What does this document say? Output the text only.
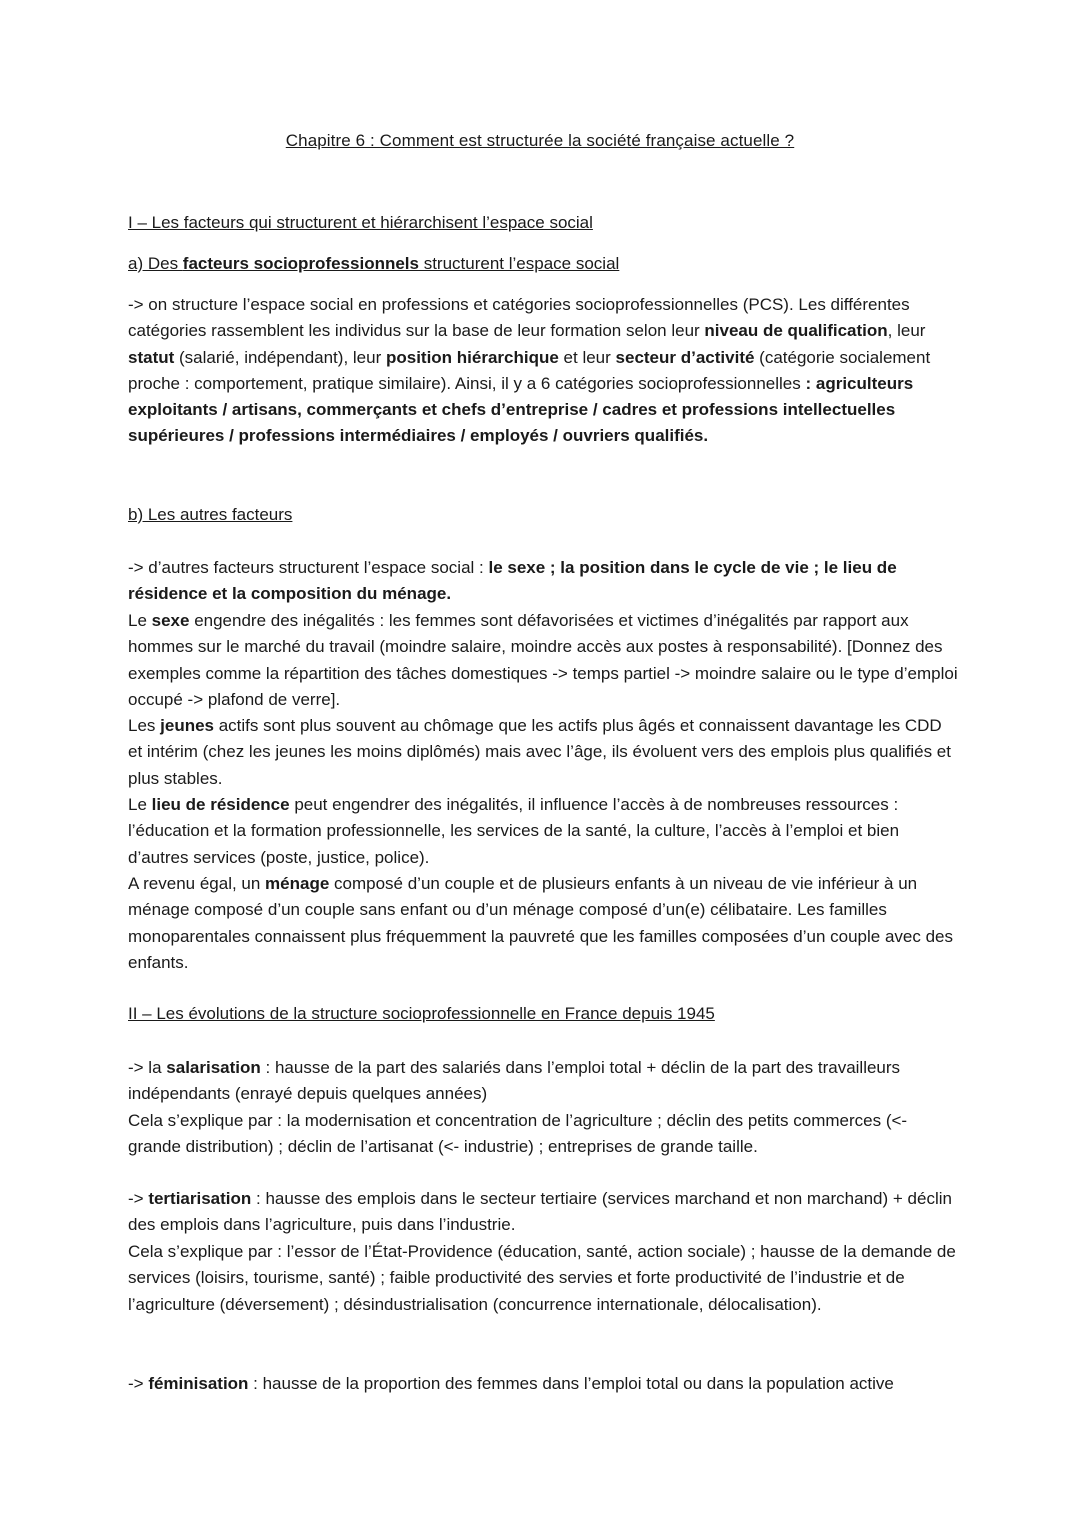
Chapitre 6 : Comment est structurée la société française actuelle ?
I – Les facteurs qui structurent et hiérarchisent l’espace social
a) Des facteurs socioprofessionnels structurent l’espace social

-> on structure l’espace social en professions et catégories socioprofessionnelles (PCS). Les différentes catégories rassemblent les individus sur la base de leur formation selon leur niveau de qualification, leur statut (salarié, indépendant), leur position hiérarchique et leur secteur d’activité (catégorie socialement proche : comportement, pratique similaire). Ainsi, il y a 6 catégories socioprofessionnelles : agriculteurs exploitants / artisans, commerçants et chefs d’entreprise / cadres et professions intellectuelles supérieures / professions intermédiaires / employés / ouvriers qualifiés.

b) Les autres facteurs

-> d’autres facteurs structurent l’espace social : le sexe ; la position dans le cycle de vie ; le lieu de résidence et la composition du ménage.

Le sexe engendre des inégalités : les femmes sont défavorisées et victimes d’inégalités par rapport aux hommes sur le marché du travail (moindre salaire, moindre accès aux postes à responsabilité). [Donnez des exemples comme la répartition des tâches domestiques -> temps partiel -> moindre salaire ou le type d’emploi occupé -> plafond de verre].

Les jeunes actifs sont plus souvent au chômage que les actifs plus âgés et connaissent davantage les CDD et intérim (chez les jeunes les moins diplômés) mais avec l’âge, ils évoluent vers des emplois plus qualifiés et plus stables.

Le lieu de résidence peut engendrer des inégalités, il influence l’accès à de nombreuses ressources : l’éducation et la formation professionnelle, les services de la santé, la culture, l’accès à l’emploi et bien d’autres services (poste, justice, police).

A revenu égal, un ménage composé d’un couple et de plusieurs enfants à un niveau de vie inférieur à un ménage composé d’un couple sans enfant ou d’un ménage composé d’un(e) célibataire. Les familles monoparentales connaissent plus fréquemment la pauvreté que les familles composées d’un couple avec des enfants.

II – Les évolutions de la structure socioprofessionnelle en France depuis 1945

-> la salarisation : hausse de la part des salariés dans l’emploi total + déclin de la part des travailleurs indépendants (enrayé depuis quelques années)

Cela s’explique par : la modernisation et concentration de l’agriculture ; déclin des petits commerces (<- grande distribution) ; déclin de l’artisanat (<- industrie) ; entreprises de grande taille.

-> tertiarisation : hausse des emplois dans le secteur tertiaire (services marchand et non marchand) + déclin des emplois dans l’agriculture, puis dans l’industrie.

Cela s’explique par : l’essor de l’État-Providence (éducation, santé, action sociale) ; hausse de la demande de services (loisirs, tourisme, santé) ; faible productivité des servies et forte productivité de l’industrie et de l’agriculture (déversement) ; désindustrialisation (concurrence internationale, délocalisation).

-> féminisation : hausse de la proportion des femmes dans l’emploi total ou dans la population active
